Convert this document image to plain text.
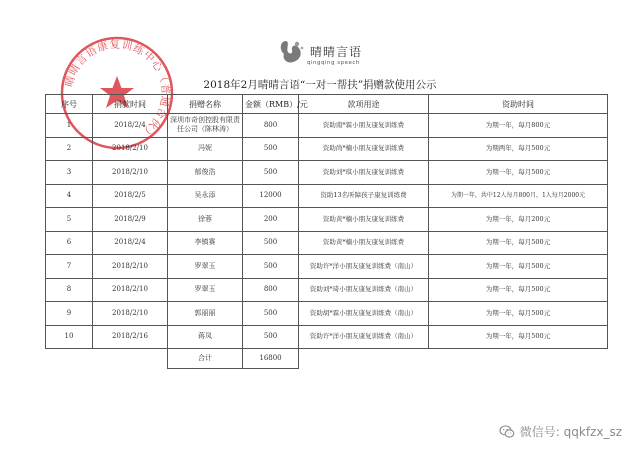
晴晴言语康复训练中心（普通合伙）
晴晴言语
qingqing speech
2018年2月晴晴言语“一对一帮扶”捐赠款使用公示
序号	捐款时间	捐赠名称	金额（RMB）/元	款项用途	资助时间
1	2018/2/4	深圳市奇创控股有限责任公司（陈林涛）	800	资助南*霖小朋友康复训练费	为期一年，每月800元
2	2018/2/10	冯妮	500	资助尚*楠小朋友康复训练费	为期两年，每月500元
3	2018/2/10	郁俊浩	500	资助刘*琪小朋友康复训练费	为期一年，每月500元
4	2018/2/5	吴永添	12000	资助13名听障孩子康复训练费	为期一年，共中12人每月800月，1人每月2000元
5	2018/2/9	徐蓉	200	资助黄*楠小朋友康复训练费	为期一年，每月200元
6	2018/2/4	李镇赛	500	资助黄*楠小朋友康复训练费	为期一年，每月500元
7	2018/2/10	罗翠玉	500	资助许*洋小朋友康复训练费（南山）	为期一年，每月500元
8	2018/2/10	罗翠玉	800	资助刘*琦小朋友康复训练费（南山）	为期一年，每月500元
9	2018/2/10	郭丽丽	500	资助胡*霖小朋友康复训练费（南山）	为期一年，每月500元
10	2018/2/16	蒋凤	500	资助许*洋小朋友康复训练费（南山）	为期一年，每月500元
		合计	16800		
微信号: qqkfzx_sz
